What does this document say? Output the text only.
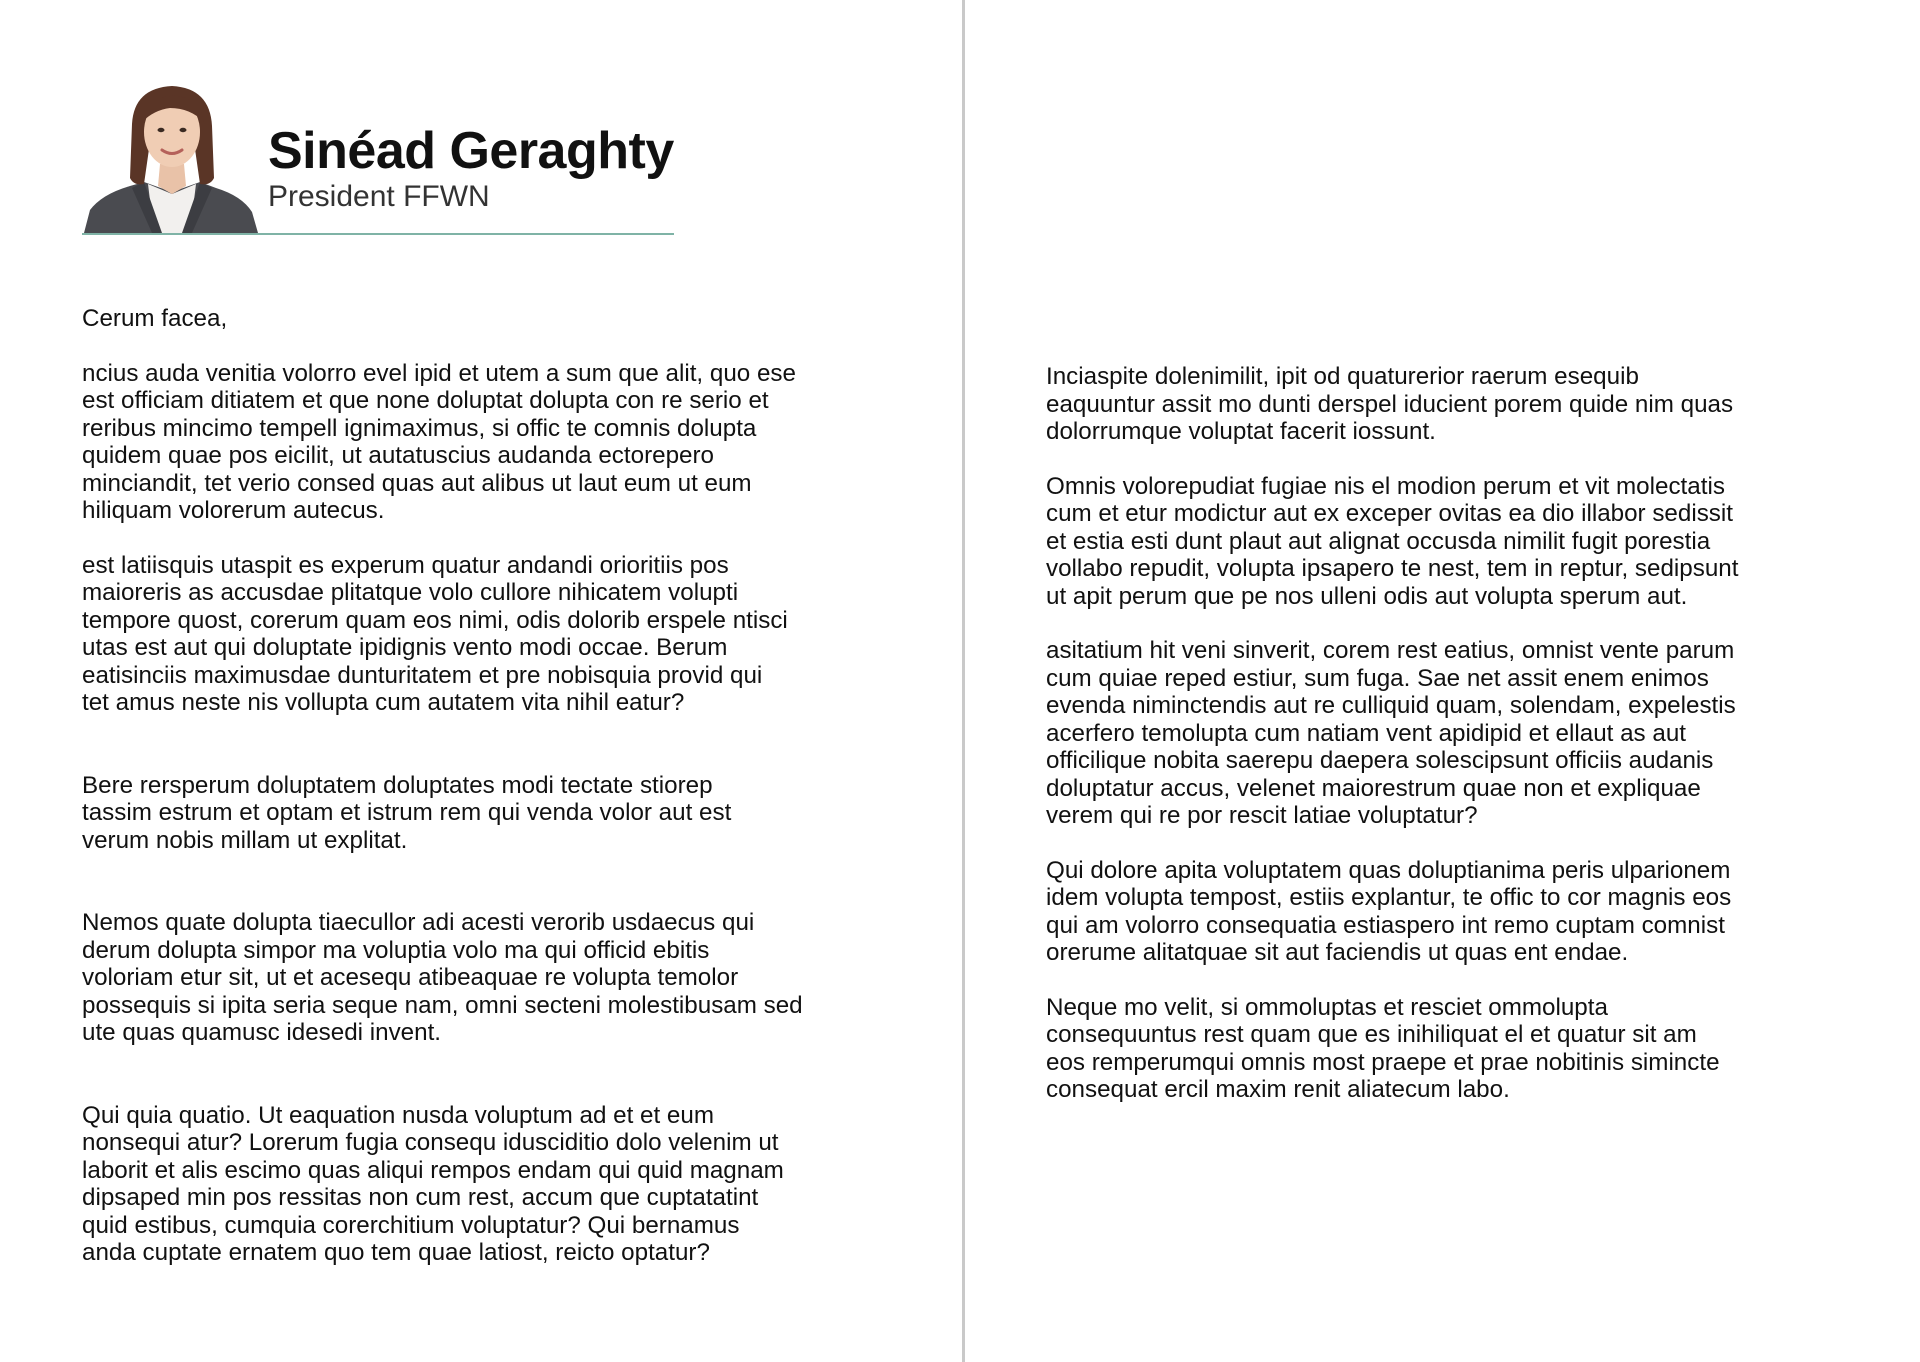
Sinéad Geraghty
President FFWN

Cerum facea,

ncius auda venitia volorro evel ipid et utem a sum que alit, quo ese
est officiam ditiatem et que none doluptat dolupta con re serio et
reribus mincimo tempell ignimaximus, si offic te comnis dolupta
quidem quae pos eicilit, ut autatuscius audanda ectorepero
minciandit, tet verio consed quas aut alibus ut laut eum ut eum
hiliquam volorerum autecus.

est latiisquis utaspit es experum quatur andandi orioritiis pos
maioreris as accusdae plitatque volo cullore nihicatem volupti
tempore quost, corerum quam eos nimi, odis dolorib erspele ntisci
utas est aut qui doluptate ipidignis vento modi occae. Berum
eatisinciis maximusdae dunturitatem et pre nobisquia provid qui
tet amus neste nis vollupta cum autatem vita nihil eatur?

Bere rersperum doluptatem doluptates modi tectate stiorep
tassim estrum et optam et istrum rem qui venda volor aut est
verum nobis millam ut explitat.

Nemos quate dolupta tiaecullor adi acesti verorib usdaecus qui
derum dolupta simpor ma voluptia volo ma qui officid ebitis
voloriam etur sit, ut et acesequ atibeaquae re volupta temolor
possequis si ipita seria seque nam, omni secteni molestibusam sed
ute quas quamusc idesedi invent.

Qui quia quatio. Ut eaquation nusda voluptum ad et et eum
nonsequi atur? Lorerum fugia consequ idusciditio dolo velenim ut
laborit et alis escimo quas aliqui rempos endam qui quid magnam
dipsaped min pos ressitas non cum rest, accum que cuptatatint
quid estibus, cumquia corerchitium voluptatur? Qui bernamus
anda cuptate ernatem quo tem quae latiost, reicto optatur?

Inciaspite dolenimilit, ipit od quaturerior raerum esequib
eaquuntur assit mo dunti derspel iducient porem quide nim quas
dolorrumque voluptat facerit iossunt.

Omnis volorepudiat fugiae nis el modion perum et vit molectatis
cum et etur modictur aut ex exceper ovitas ea dio illabor sedissit
et estia esti dunt plaut aut alignat occusda nimilit fugit porestia
vollabo repudit, volupta ipsapero te nest, tem in reptur, sedipsunt
ut apit perum que pe nos ulleni odis aut volupta sperum aut.

asitatium hit veni sinverit, corem rest eatius, omnist vente parum
cum quiae reped estiur, sum fuga. Sae net assit enem enimos
evenda niminctendis aut re culliquid quam, solendam, expelestis
acerfero temolupta cum natiam vent apidipid et ellaut as aut
officilique nobita saerepu daepera solescipsunt officiis audanis
doluptatur accus, velenet maiorestrum quae non et expliquae
verem qui re por rescit latiae voluptatur?

Qui dolore apita voluptatem quas doluptianima peris ulparionem
idem volupta tempost, estiis explantur, te offic to cor magnis eos
qui am volorro consequatia estiaspero int remo cuptam comnist
orerume alitatquae sit aut faciendis ut quas ent endae.

Neque mo velit, si ommoluptas et resciet ommolupta
consequuntus rest quam que es inihiliquat el et quatur sit am
eos remperumqui omnis most praepe et prae nobitinis simincte
consequat ercil maxim renit aliatecum labo.
